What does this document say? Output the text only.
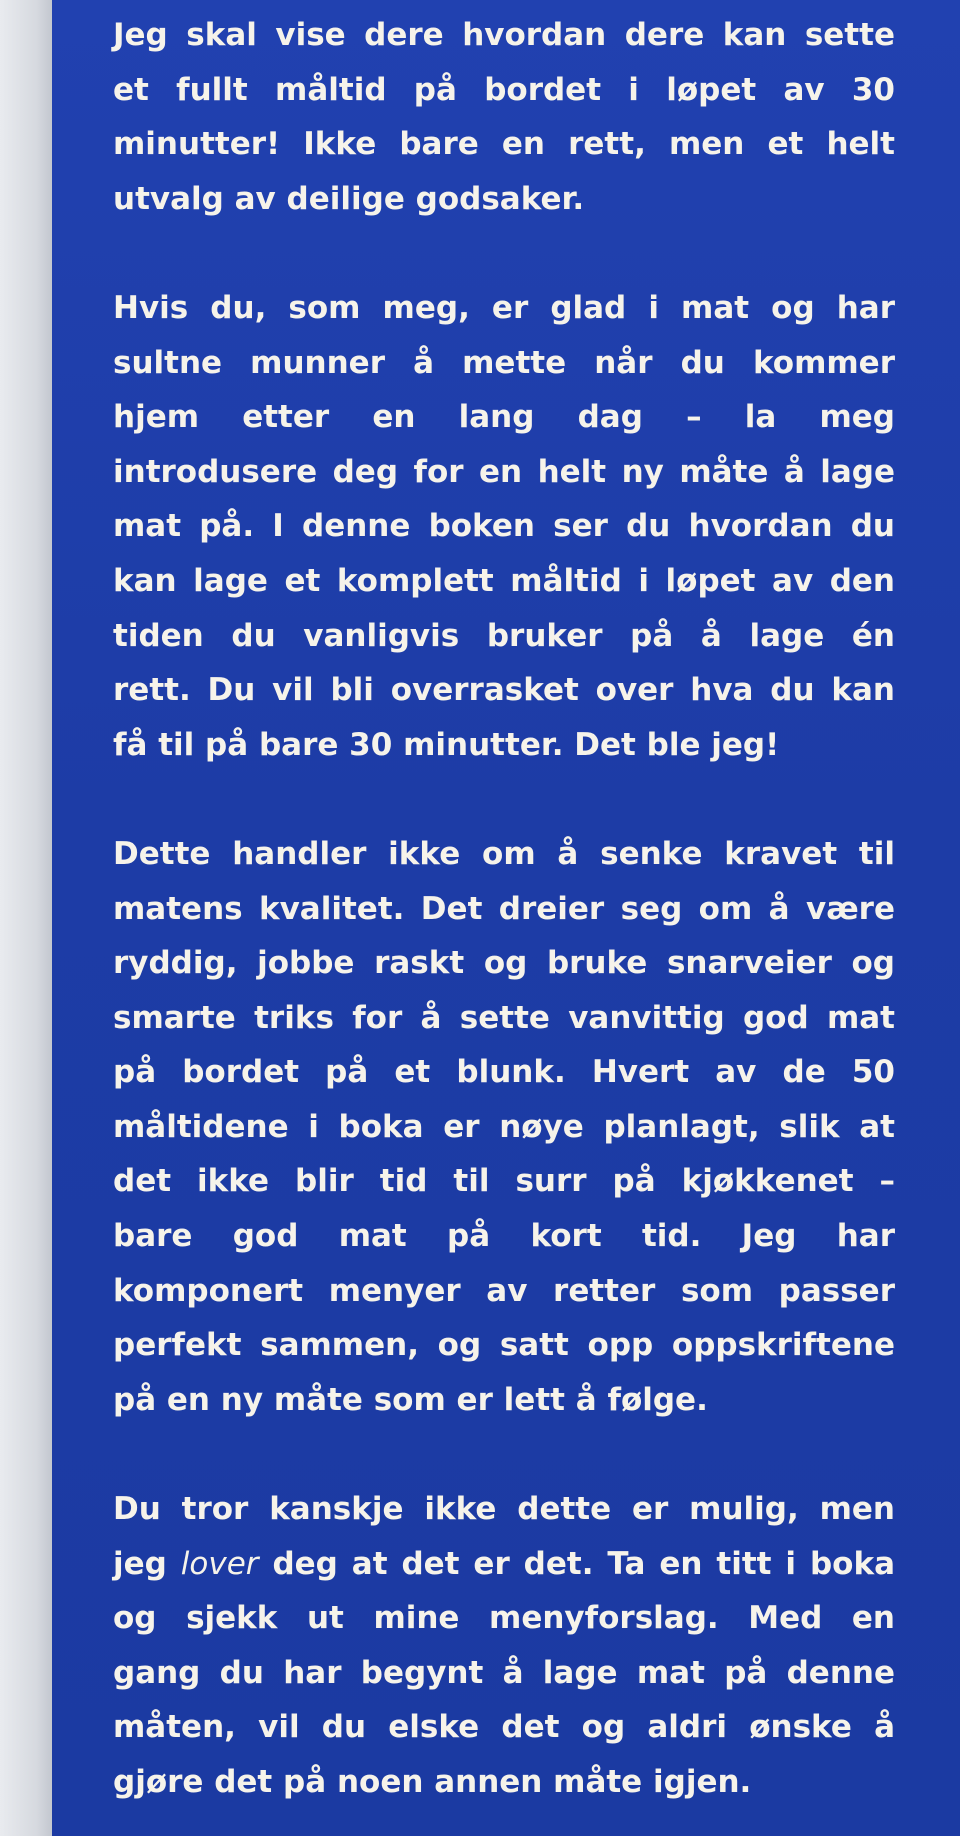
Jeg skal vise dere hvordan dere kan sette
et fullt måltid på bordet i løpet av 30
minutter! Ikke bare en rett, men et helt
utvalg av deilige godsaker.
Hvis du, som meg, er glad i mat og har
sultne munner å mette når du kommer
hjem etter en lang dag – la meg
introdusere deg for en helt ny måte å lage
mat på. I denne boken ser du hvordan du
kan lage et komplett måltid i løpet av den
tiden du vanligvis bruker på å lage én
rett. Du vil bli overrasket over hva du kan
få til på bare 30 minutter. Det ble jeg!
Dette handler ikke om å senke kravet til
matens kvalitet. Det dreier seg om å være
ryddig, jobbe raskt og bruke snarveier og
smarte triks for å sette vanvittig god mat
på bordet på et blunk. Hvert av de 50
måltidene i boka er nøye planlagt, slik at
det ikke blir tid til surr på kjøkkenet –
bare god mat på kort tid. Jeg har
komponert menyer av retter som passer
perfekt sammen, og satt opp oppskriftene
på en ny måte som er lett å følge.
Du tror kanskje ikke dette er mulig, men
jeg lover deg at det er det. Ta en titt i boka
og sjekk ut mine menyforslag. Med en
gang du har begynt å lage mat på denne
måten, vil du elske det og aldri ønske å
gjøre det på noen annen måte igjen.
